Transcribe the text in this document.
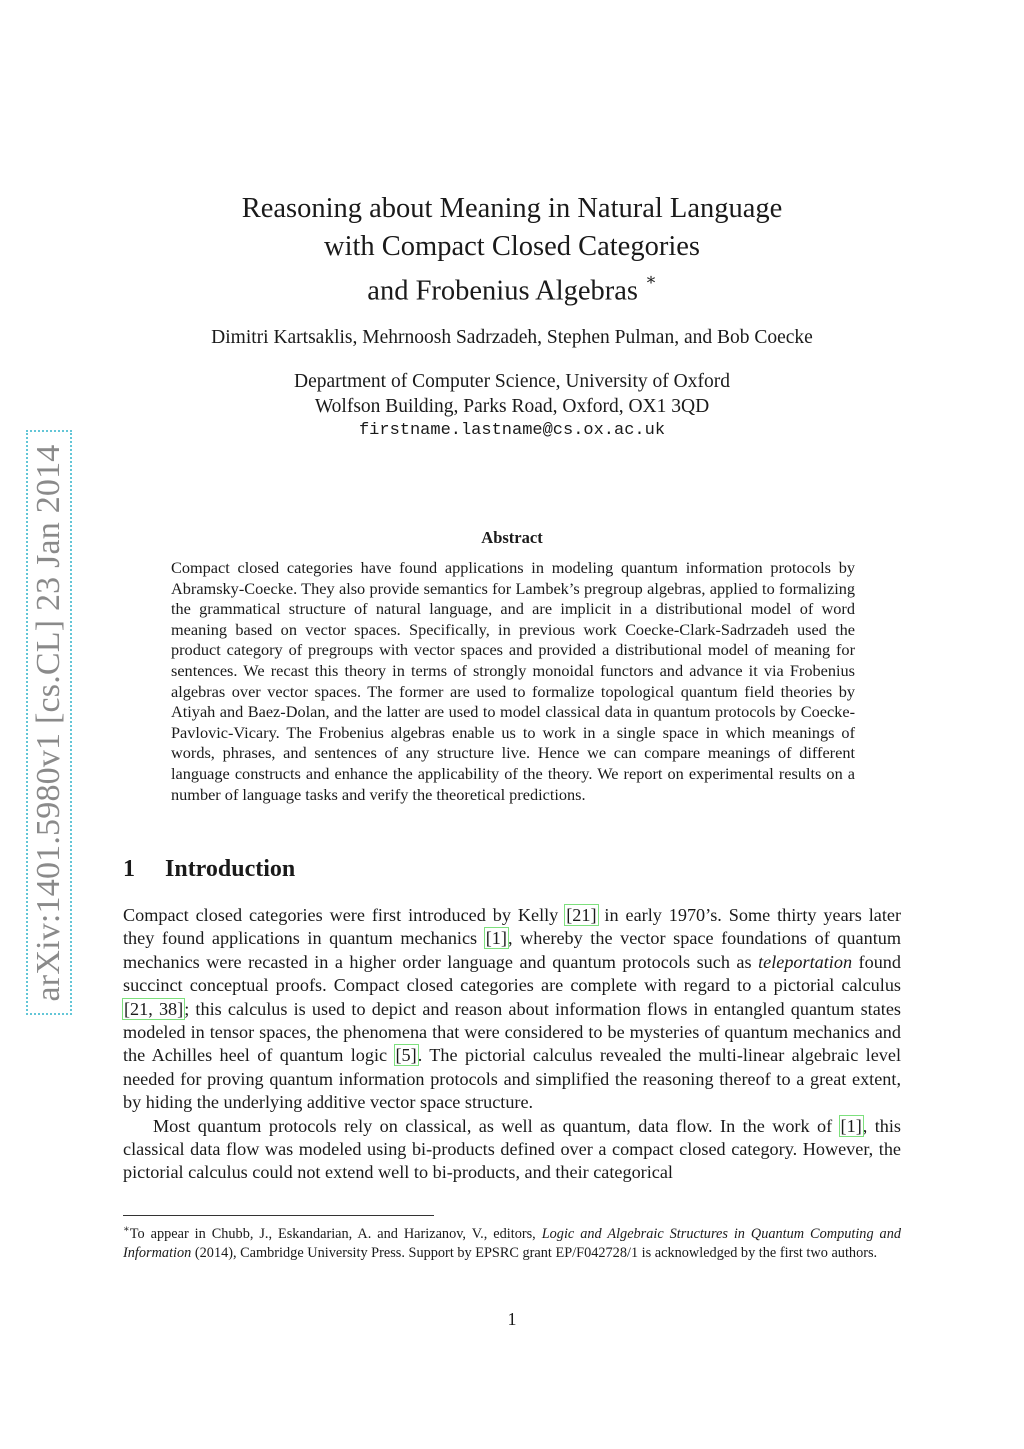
arXiv:1401.5980v1 [cs.CL] 23 Jan 2014
Reasoning about Meaning in Natural Language
with Compact Closed Categories
and Frobenius Algebras ∗
Dimitri Kartsaklis, Mehrnoosh Sadrzadeh, Stephen Pulman, and Bob Coecke
Department of Computer Science, University of Oxford
Wolfson Building, Parks Road, Oxford, OX1 3QD
firstname.lastname@cs.ox.ac.uk
Abstract
Compact closed categories have found applications in modeling quantum information protocols by Abramsky-Coecke. They also provide semantics for Lambek’s pregroup algebras, applied to formalizing the grammatical structure of natural language, and are implicit in a distributional model of word meaning based on vector spaces. Specifically, in previous work Coecke-Clark-Sadrzadeh used the product category of pregroups with vector spaces and provided a distributional model of meaning for sentences. We recast this theory in terms of strongly monoidal functors and advance it via Frobenius algebras over vector spaces. The former are used to formalize topological quantum field theories by Atiyah and Baez-Dolan, and the latter are used to model classical data in quantum protocols by Coecke-Pavlovic-Vicary. The Frobenius algebras enable us to work in a single space in which meanings of words, phrases, and sentences of any structure live. Hence we can compare meanings of different language constructs and enhance the applicability of the theory. We report on experimental results on a number of language tasks and verify the theoretical predictions.
1 Introduction

Compact closed categories were first introduced by Kelly [21] in early 1970’s. Some thirty years later they found applications in quantum mechanics [1], whereby the vector space foundations of quantum mechanics were recasted in a higher order language and quantum protocols such as teleportation found succinct conceptual proofs. Compact closed categories are complete with regard to a pictorial calculus [21, 38]; this calculus is used to depict and reason about information flows in entangled quantum states modeled in tensor spaces, the phenomena that were considered to be mysteries of quantum mechanics and the Achilles heel of quantum logic [5]. The pictorial calculus revealed the multi-linear algebraic level needed for proving quantum information protocols and simplified the reasoning thereof to a great extent, by hiding the underlying additive vector space structure.

Most quantum protocols rely on classical, as well as quantum, data flow. In the work of [1], this classical data flow was modeled using bi-products defined over a compact closed category. However, the pictorial calculus could not extend well to bi-products, and their categorical

∗To appear in Chubb, J., Eskandarian, A. and Harizanov, V., editors, Logic and Algebraic Structures in Quantum Computing and Information (2014), Cambridge University Press. Support by EPSRC grant EP/F042728/1 is acknowledged by the first two authors.
1
